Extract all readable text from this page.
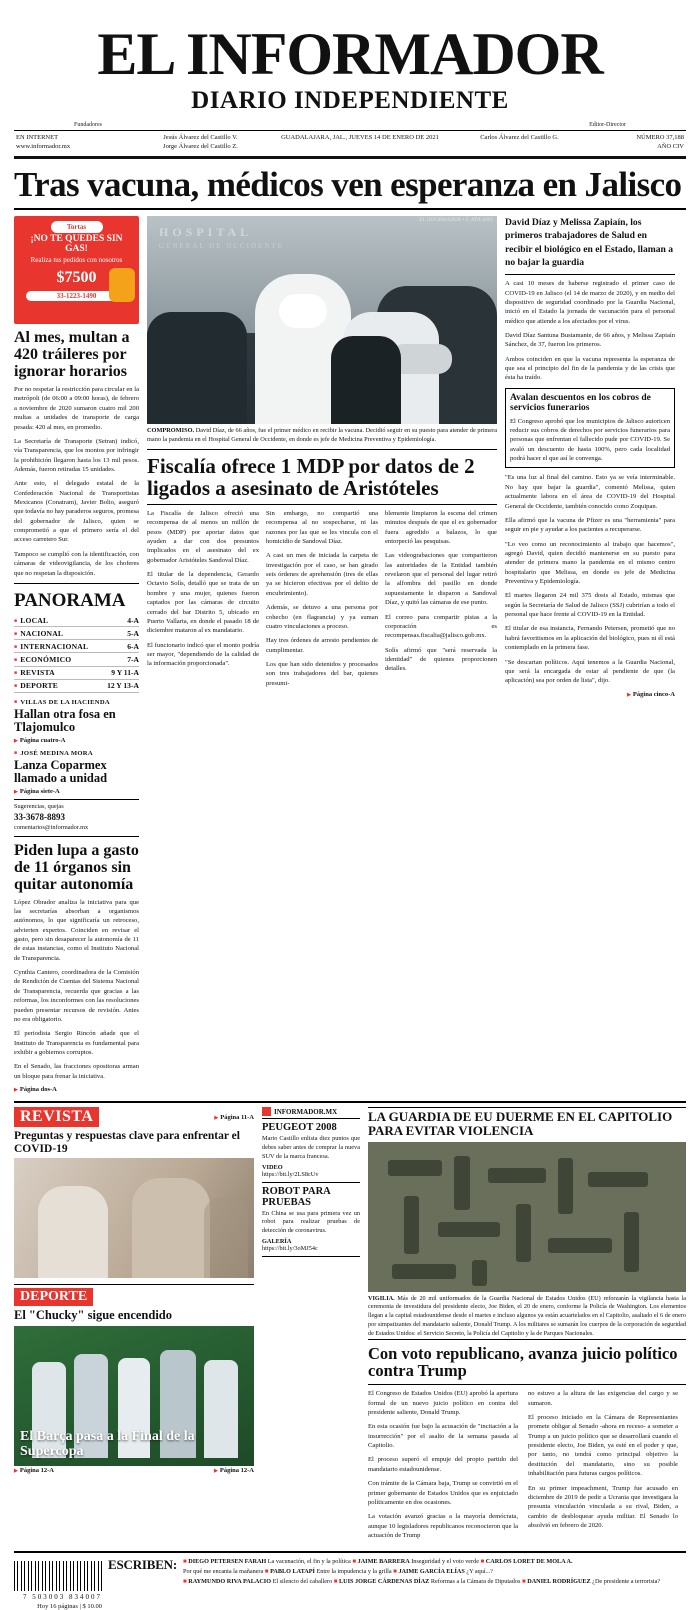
EL INFORMADOR
DIARIO INDEPENDIENTE
Fundadores	Editor-Director
EN INTERNET
www.informador.mx
Jesús Álvarez del Castillo V.
Jorge Álvarez del Castillo Z.
GUADALAJARA, JAL., JUEVES 14 DE ENERO DE 2021	Carlos Álvarez del Castillo G.	NÚMERO 37,188
AÑO CIV
Tras vacuna, médicos ven esperanza en Jalisco
Tortas
¡NO TE QUEDES SIN GAS!
Realiza tus pedidos con nosotros
$7500
33-1223-1490
Al mes, multan a 420 tráileres por ignorar horarios

Por no respetar la restricción para circular en la metrópoli (de 06:00 a 09:00 horas), de febrero a noviembre de 2020 sumaron cuatro mil 200 multas a unidades de transporte de carga pesada: 420 al mes, en promedio.

La Secretaría de Transporte (Setran) indicó, vía Transparencia, que los montos por infringir la prohibición llegaron hasta los 13 mil pesos. Además, fueron retiradas 15 unidades.

Ante esto, el delegado estatal de la Confederación Nacional de Transportistas Mexicanos (Conatram), Javier Bolio, aseguró que todavía no hay paraderos seguros, promesa del gobernador de Jalisco, quien se comprometió a que el primero sería el del acceso carretero Sur.

Tampoco se cumplió con la identificación, con cámaras de videovigilancia, de los choferes que no respetan la disposición.

PANORAMA
■ LOCAL	4-A
■ NACIONAL	5-A
■ INTERNACIONAL	6-A
■ ECONÓMICO	7-A
■ REVISTA	9 Y 11-A
■ DEPORTE	12 Y 13-A
■ VILLAS DE LA HACIENDA
Hallan otra fosa en Tlajomulco
▶ Página cuatro-A
■ JOSÉ MEDINA MORA
Lanza Coparmex llamado a unidad
▶ Página siete-A
Sugerencias, quejas
33-3678-8893
comentarios@informador.mx
Piden lupa a gasto de 11 órganos sin quitar autonomía

López Obrador analiza la iniciativa para que las secretarías absorban a organismos autónomos, lo que significaría un retroceso, advierten expertos. Coinciden en revisar el gasto, pero sin desaparecer la autonomía de 11 de estas instancias, como el Instituto Nacional de Transparencia.

Cynthia Cantero, coordinadora de la Comisión de Rendición de Cuentas del Sistema Nacional de Transparencia, recuerda que gracias a las reformas, los inconformes con las resoluciones pueden presentar recursos de revisión. Antes no era obligatorio.

El periodista Sergio Rincón añade que el Instituto de Transparencia es fundamental para exhibir a gobiernos corruptos.

En el Senado, las fracciones opositoras arman un bloque para frenar la iniciativa.

▶ Página dos-A
HOSPITAL
GENERAL DE OCCIDENTE
EL INFORMADOR • F. ATILANO
COMPROMISO. David Díaz, de 66 años, fue el primer médico en recibir la vacuna. Decidió seguir en su puesto para atender de primera mano la pandemia en el Hospital General de Occidente, en donde es jefe de Medicina Preventiva y Epidemiología.
Fiscalía ofrece 1 MDP por datos de 2 ligados a asesinato de Aristóteles

La Fiscalía de Jalisco ofreció una recompensa de al menos un millón de pesos (MDP) por aportar datos que ayuden a dar con dos presuntos implicados en el asesinato del ex gobernador Aristóteles Sandoval Díaz.

El titular de la dependencia, Gerardo Octavio Solís, detalló que se trata de un hombre y una mujer, quienes fueron captados por las cámaras de circuito cerrado del bar Distrito 5, ubicado en Puerto Vallarta, en donde el pasado 18 de diciembre mataron al ex mandatario.

El funcionario indicó que el monto podría ser mayor, "dependiendo de la calidad de la información proporcionada".

Sin embargo, no compartió una recompensa al no sospecharse, ni las razones por las que se les vincula con el homicidio de Sandoval Díaz.

A casi un mes de iniciada la carpeta de investigación por el caso, se han girado seis órdenes de aprehensión (tres de ellas ya se hicieron efectivas por el delito de encubrimiento).

Además, se detuvo a una persona por cohecho (en flagrancia) y ya suman cuatro vinculaciones a proceso.

Hay tres órdenes de arresto pendientes de cumplimentar.

Los que han sido detenidos y procesados son tres trabajadores del bar, quienes presumi-

blemente limpiaron la escena del crimen minutos después de que el ex gobernador fuera agredido a balazos, lo que entorpeció las pesquisas.

Las videograbaciones que compartieron las autoridades de la Entidad también revelaron que el personal del lugar retiró la alfombra del pasillo en donde supuestamente le disparon a Sandoval Díaz, y quitó las cámaras de ese punto.

El correo para compartir pistas a la corporación es recompensas.fiscalia@jalisco.gob.mx.

Solís afirmó que "será reservada la identidad" de quienes proporcionen detalles.

David Díaz y Melissa Zapiaín, los primeros trabajadores de Salud en recibir el biológico en el Estado, llaman a no bajar la guardia

A casi 10 meses de haberse registrado el primer caso de COVID-19 en Jalisco (el 14 de marzo de 2020), y en medio del dispositivo de seguridad coordinado por la Guardia Nacional, inició en el Estado la jornada de vacunación para el personal médico que atiende a los afectados por el virus.

David Díaz Santuna Bustamante, de 66 años, y Melissa Zapiaín Sánchez, de 37, fueron los primeros.

Ambos coinciden en que la vacuna representa la esperanza de que sea el principio del fin de la pandemia y de las crisis que ésta ha traído.

Avalan descuentos en los cobros de servicios funerarios

El Congreso aprobó que los municipios de Jalisco autoricen reducir sus cobros de derechos por servicios funerarios para personas que enfrentan el fallecido pude por COVID-19. Se avaló un descuento de hasta 100%, pero cada localidad podrá hacer el que así le convenga.

"Es una luz al final del camino. Esto ya se veía interminable. No hay que bajar la guardia", comentó Melissa, quien actualmente labora en el área de COVID-19 del Hospital General de Occidente, también conocido como Zoquipan.

Ella afirmó que la vacuna de Pfizer es una "herramienta" para seguir en pie y ayudar a los pacientes a recuperarse.

"Lo veo como un reconocimiento al trabajo que hacemos", agregó David, quien decidió mantenerse en su puesto para atender de primera mano la pandemia en el mismo centro hospitalario que Melissa, en donde es jefe de Medicina Preventiva y Epidemiología.

El martes llegaron 24 mil 375 dosis al Estado, mismas que según la Secretaría de Salud de Jalisco (SSJ) cubrirían a todo el personal que hace frente al COVID-19 en la Entidad.

El titular de esa instancia, Fernando Petersen, prometió que no habrá favoritismos en la aplicación del biológico, pues ni él está contemplado en la primera fase.

"Se descartan políticos. Aquí tenemos a la Guardia Nacional, que será la encargada de estar al pendiente de que (la aplicación) sea por orden de lista", dijo.

▶ Página cinco-A
REVISTA	▶ Página 11-A
Preguntas y respuestas clave para enfrentar el COVID-19
DEPORTE
El "Chucky" sigue encendido
El Barça pasa a la Final de la Supercopa
▶ Página 12-A	▶ Página 12-A
INFORMADOR.MX
PEUGEOT 2008

Mario Castillo enlista diez puntos que debes saber antes de comprar la nueva SUV de la marca francesa.

VIDEO
https://bit.ly/2LS8cUv
ROBOT PARA PRUEBAS

En China se usa para primera vez un robot para realizar pruebas de detección de coronavirus.

GALERÍA
https://bit.ly/3oMJ54c
LA GUARDIA DE EU DUERME EN EL CAPITOLIO PARA EVITAR VIOLENCIA
VIGILIA. Más de 20 mil uniformados de la Guardia Nacional de Estados Unidos (EU) reforzarán la vigilancia hasta la ceremonia de investidura del presidente electo, Joe Biden, el 20 de enero, conforme la Policía de Washington. Los elementos llegan a la capital estadounidense desde el martes e incluso algunos ya están acuartelados en el Capitolio, asaltado el 6 de enero por simpatizantes del mandatario saliente, Donald Trump. A los militares se sumarán los cuerpos de la corporación de seguridad de Estados Unidos: el Servicio Secreto, la Policía del Capitolio y la de Parques Nacionales.
Con voto republicano, avanza juicio político contra Trump

El Congreso de Estados Unidos (EU) aprobó la apertura formal de un nuevo juicio político en contra del presidente saliente, Donald Trump.

En esta ocasión fue bajo la acusación de "incitación a la insurrección" por el asalto de la semana pasada al Capitolio.

El proceso superó el empuje del propio partido del mandatario estadounidense.

Con trámite de la Cámara baja, Trump se convirtió en el primer gobernante de Estados Unidos que es enjuiciado políticamente en dos ocasiones.

La votación avanzó gracias a la mayoría demócrata, aunque 10 legisladores republicanos reconocieron que la actuación de Trump

no estuvo a la altura de las exigencias del cargo y se sumaron.

El proceso iniciado en la Cámara de Representantes promete obligar al Senado -ahora en receso- a someter a Trump a un juicio político que se desarrollará cuando el presidente electo, Joe Biden, ya esté en el poder y que, por tanto, no tendrá como principal objetivo la destitución del mandatario, sino su posible inhabilitación para futuras cargos políticos.

En su primer impeachment, Trump fue acusado en diciembre de 2019 de pedir a Ucrania que investigara la presunta vinculación vinculada a su rival, Biden, a cambio de desbloquear ayuda militar. El Senado lo absolvió en febrero de 2020.

7 503003 834007
Hoy 16 páginas | $ 10.00
ESCRIBEN: ■ DIEGO PETERSEN FARAH La vacunación, el fin y la política ■ JAIME BARRERA Inseguridad y el voto verde ■ CARLOS LORET DE MOLA A.
Por qué me encanta la mañanera ■ PABLO LATAPÍ Entre la impudencia y la grilla ■ JAIME GARCÍA ELÍAS ¿Y aquí...?
■ RAYMUNDO RIVA PALACIO El silencio del caballero ■ LUIS JORGE CÁRDENAS DÍAZ Reformas a la Cámara de Diputados ■ DANIEL RODRÍGUEZ ¿De presidente a terrorista?
